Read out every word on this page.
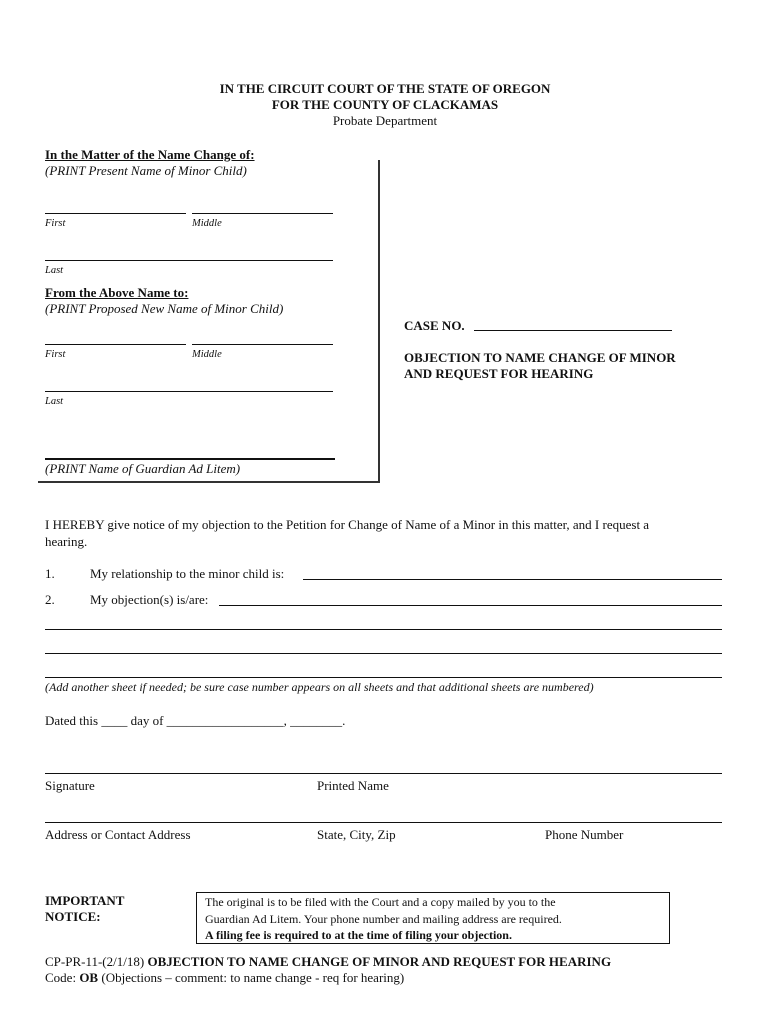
IN THE CIRCUIT COURT OF THE STATE OF OREGON
FOR THE COUNTY OF CLACKAMAS
Probate Department
In the Matter of the Name Change of:
(PRINT Present Name of Minor Child)
First	Middle
Last
From the Above Name to:
(PRINT Proposed New Name of Minor Child)
First	Middle
Last
(PRINT Name of Guardian Ad Litem)
CASE NO.
OBJECTION TO NAME CHANGE OF MINOR
AND REQUEST FOR HEARING
I HEREBY give notice of my objection to the Petition for Change of Name of a Minor in this matter, and I request a
hearing.
1.	My relationship to the minor child is:
2.	My objection(s) is/are:
(Add another sheet if needed; be sure case number appears on all sheets and that additional sheets are numbered)
Dated this ____ day of __________________, ________.
Signature	Printed Name
Address or Contact Address	State, City, Zip	Phone Number
IMPORTANT
NOTICE:
The original is to be filed with the Court and a copy mailed by you to the
Guardian Ad Litem. Your phone number and mailing address are required.
A filing fee is required to at the time of filing your objection.
CP-PR-11-(2/1/18) OBJECTION TO NAME CHANGE OF MINOR AND REQUEST FOR HEARING
Code: OB (Objections – comment: to name change - req for hearing)
